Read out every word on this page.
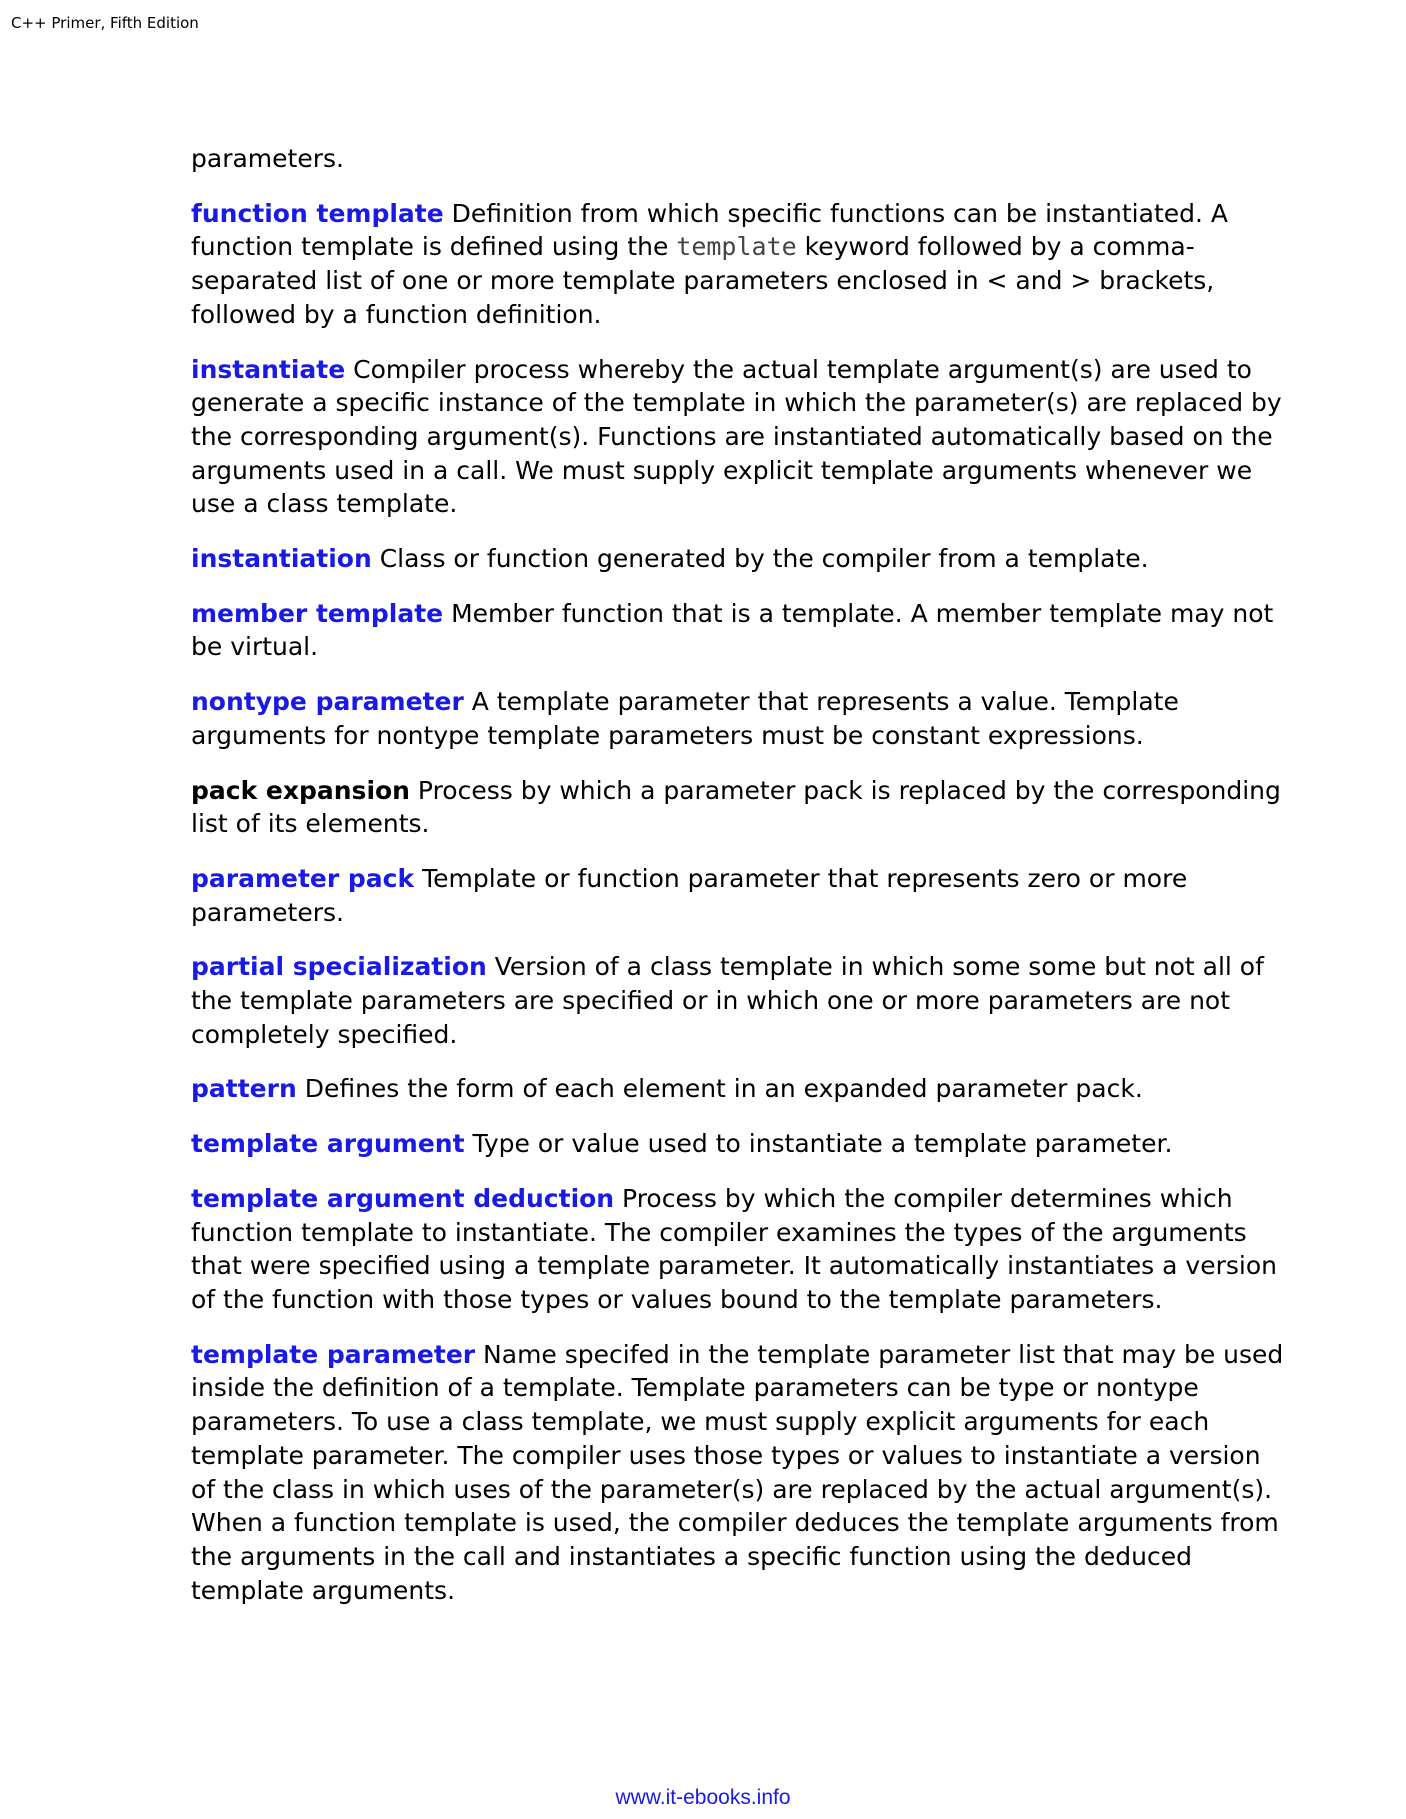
C++ Primer, Fifth Edition

parameters.

function template Definition from which specific functions can be instantiated. A function template is defined using the template keyword followed by a comma-separated list of one or more template parameters enclosed in < and > brackets, followed by a function definition.

instantiate Compiler process whereby the actual template argument(s) are used to generate a specific instance of the template in which the parameter(s) are replaced by the corresponding argument(s). Functions are instantiated automatically based on the arguments used in a call. We must supply explicit template arguments whenever we use a class template.

instantiation Class or function generated by the compiler from a template.

member template Member function that is a template. A member template may not be virtual.

nontype parameter A template parameter that represents a value. Template arguments for nontype template parameters must be constant expressions.

pack expansion Process by which a parameter pack is replaced by the corresponding list of its elements.

parameter pack Template or function parameter that represents zero or more parameters.

partial specialization Version of a class template in which some some but not all of the template parameters are specified or in which one or more parameters are not completely specified.

pattern Defines the form of each element in an expanded parameter pack.

template argument Type or value used to instantiate a template parameter.

template argument deduction Process by which the compiler determines which function template to instantiate. The compiler examines the types of the arguments that were specified using a template parameter. It automatically instantiates a version of the function with those types or values bound to the template parameters.

template parameter Name specifed in the template parameter list that may be used inside the definition of a template. Template parameters can be type or nontype parameters. To use a class template, we must supply explicit arguments for each template parameter. The compiler uses those types or values to instantiate a version of the class in which uses of the parameter(s) are replaced by the actual argument(s). When a function template is used, the compiler deduces the template arguments from the arguments in the call and instantiates a specific function using the deduced template arguments.

www.it-ebooks.info
